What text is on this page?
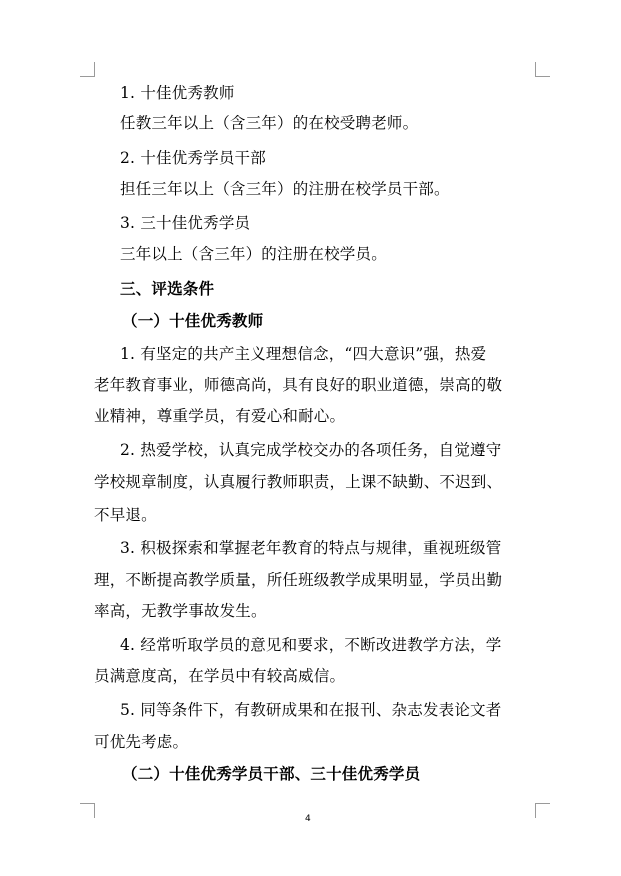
1. 十佳优秀教师
任教三年以上（含三年）的在校受聘老师。
2. 十佳优秀学员干部
担任三年以上（含三年）的注册在校学员干部。
3. 三十佳优秀学员
三年以上（含三年）的注册在校学员。
三、评选条件
（一）十佳优秀教师
1. 有坚定的共产主义理想信念，“四大意识”强，热爱
老年教育事业，师德高尚，具有良好的职业道德，崇高的敬
业精神，尊重学员，有爱心和耐心。
2. 热爱学校，认真完成学校交办的各项任务，自觉遵守
学校规章制度，认真履行教师职责，上课不缺勤、不迟到、
不早退。
3. 积极探索和掌握老年教育的特点与规律，重视班级管
理，不断提高教学质量，所任班级教学成果明显，学员出勤
率高，无教学事故发生。
4. 经常听取学员的意见和要求，不断改进教学方法，学
员满意度高，在学员中有较高威信。
5. 同等条件下，有教研成果和在报刊、杂志发表论文者
可优先考虑。
（二）十佳优秀学员干部、三十佳优秀学员
4
